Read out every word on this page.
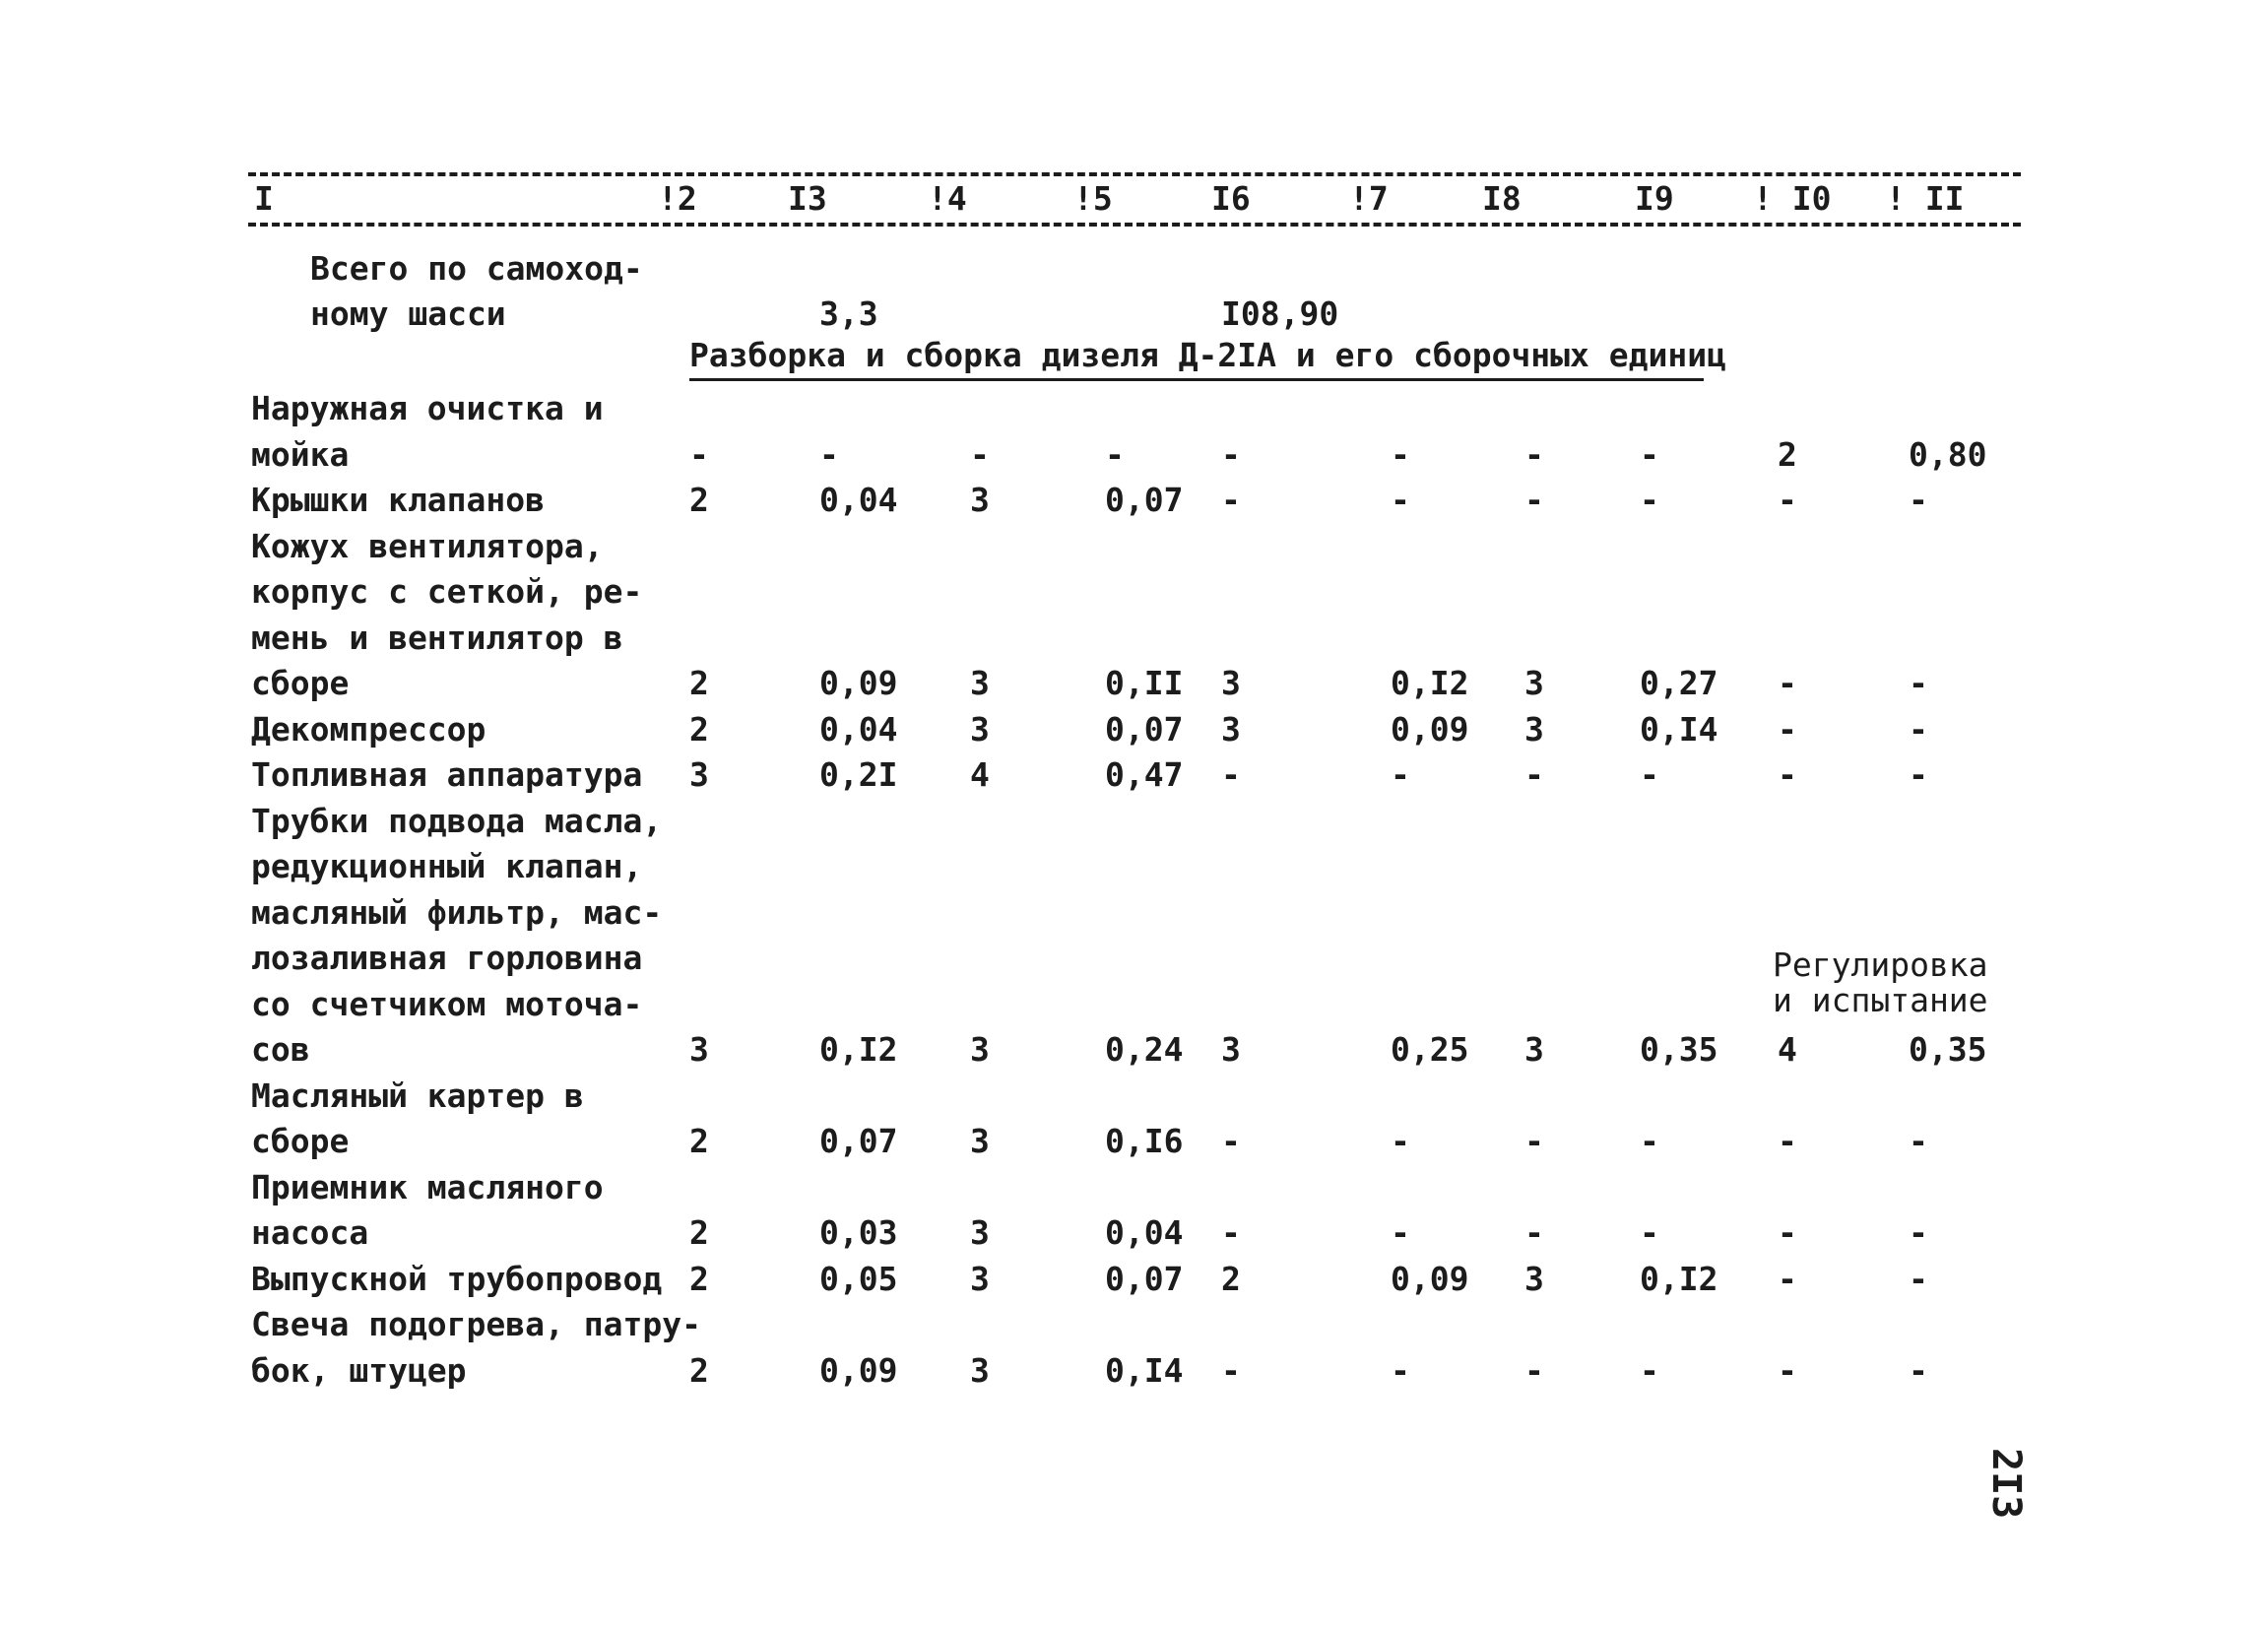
I	!2	I3	!4	!5	I6	!7	I8	I9 ! I0 ! II
Всего по самоход-
ному шасси	3,3	I08,90
Разборка и сборка дизеля Д-2IА и его сборочных единиц
Наружная очистка и
мойка	-	-	-	-	-	-	-	-	2	0,80
Крышки клапанов	2	0,04 3	0,07 -	-	-	-	-	-
Кожух вентилятора,
корпус с сеткой, ре-
мень и вентилятор в
сборе	2	0,09 3	0,II 3	0,I2 3	0,27 -	-
Декомпрессор	2	0,04 3	0,07 3	0,09 3	0,I4 -	-
Топливная аппаратура 3	0,2I 4	0,47 -	-	-	-	-	-
Трубки подвода масла,
редукционный клапан,
масляный фильтр, мас-
лозаливная горловина
со счетчиком моточа-
сов	3	0,I2 3	0,24 3	0,25 3	0,35 4	0,35
Масляный картер в
сборе	2	0,07 3	0,I6 -	-	-	-	-	-
Приемник масляного
насоса	2	0,03 3	0,04 -	-	-	-	-	-
Выпускной трубопровод 2	0,05 3	0,07 2	0,09 3	0,I2 -	-
Свеча подогрева, патру-
бок, штуцер	2	0,09 3	0,I4 -	-	-	-	-	-
Регулировка
и испытание
2I3
